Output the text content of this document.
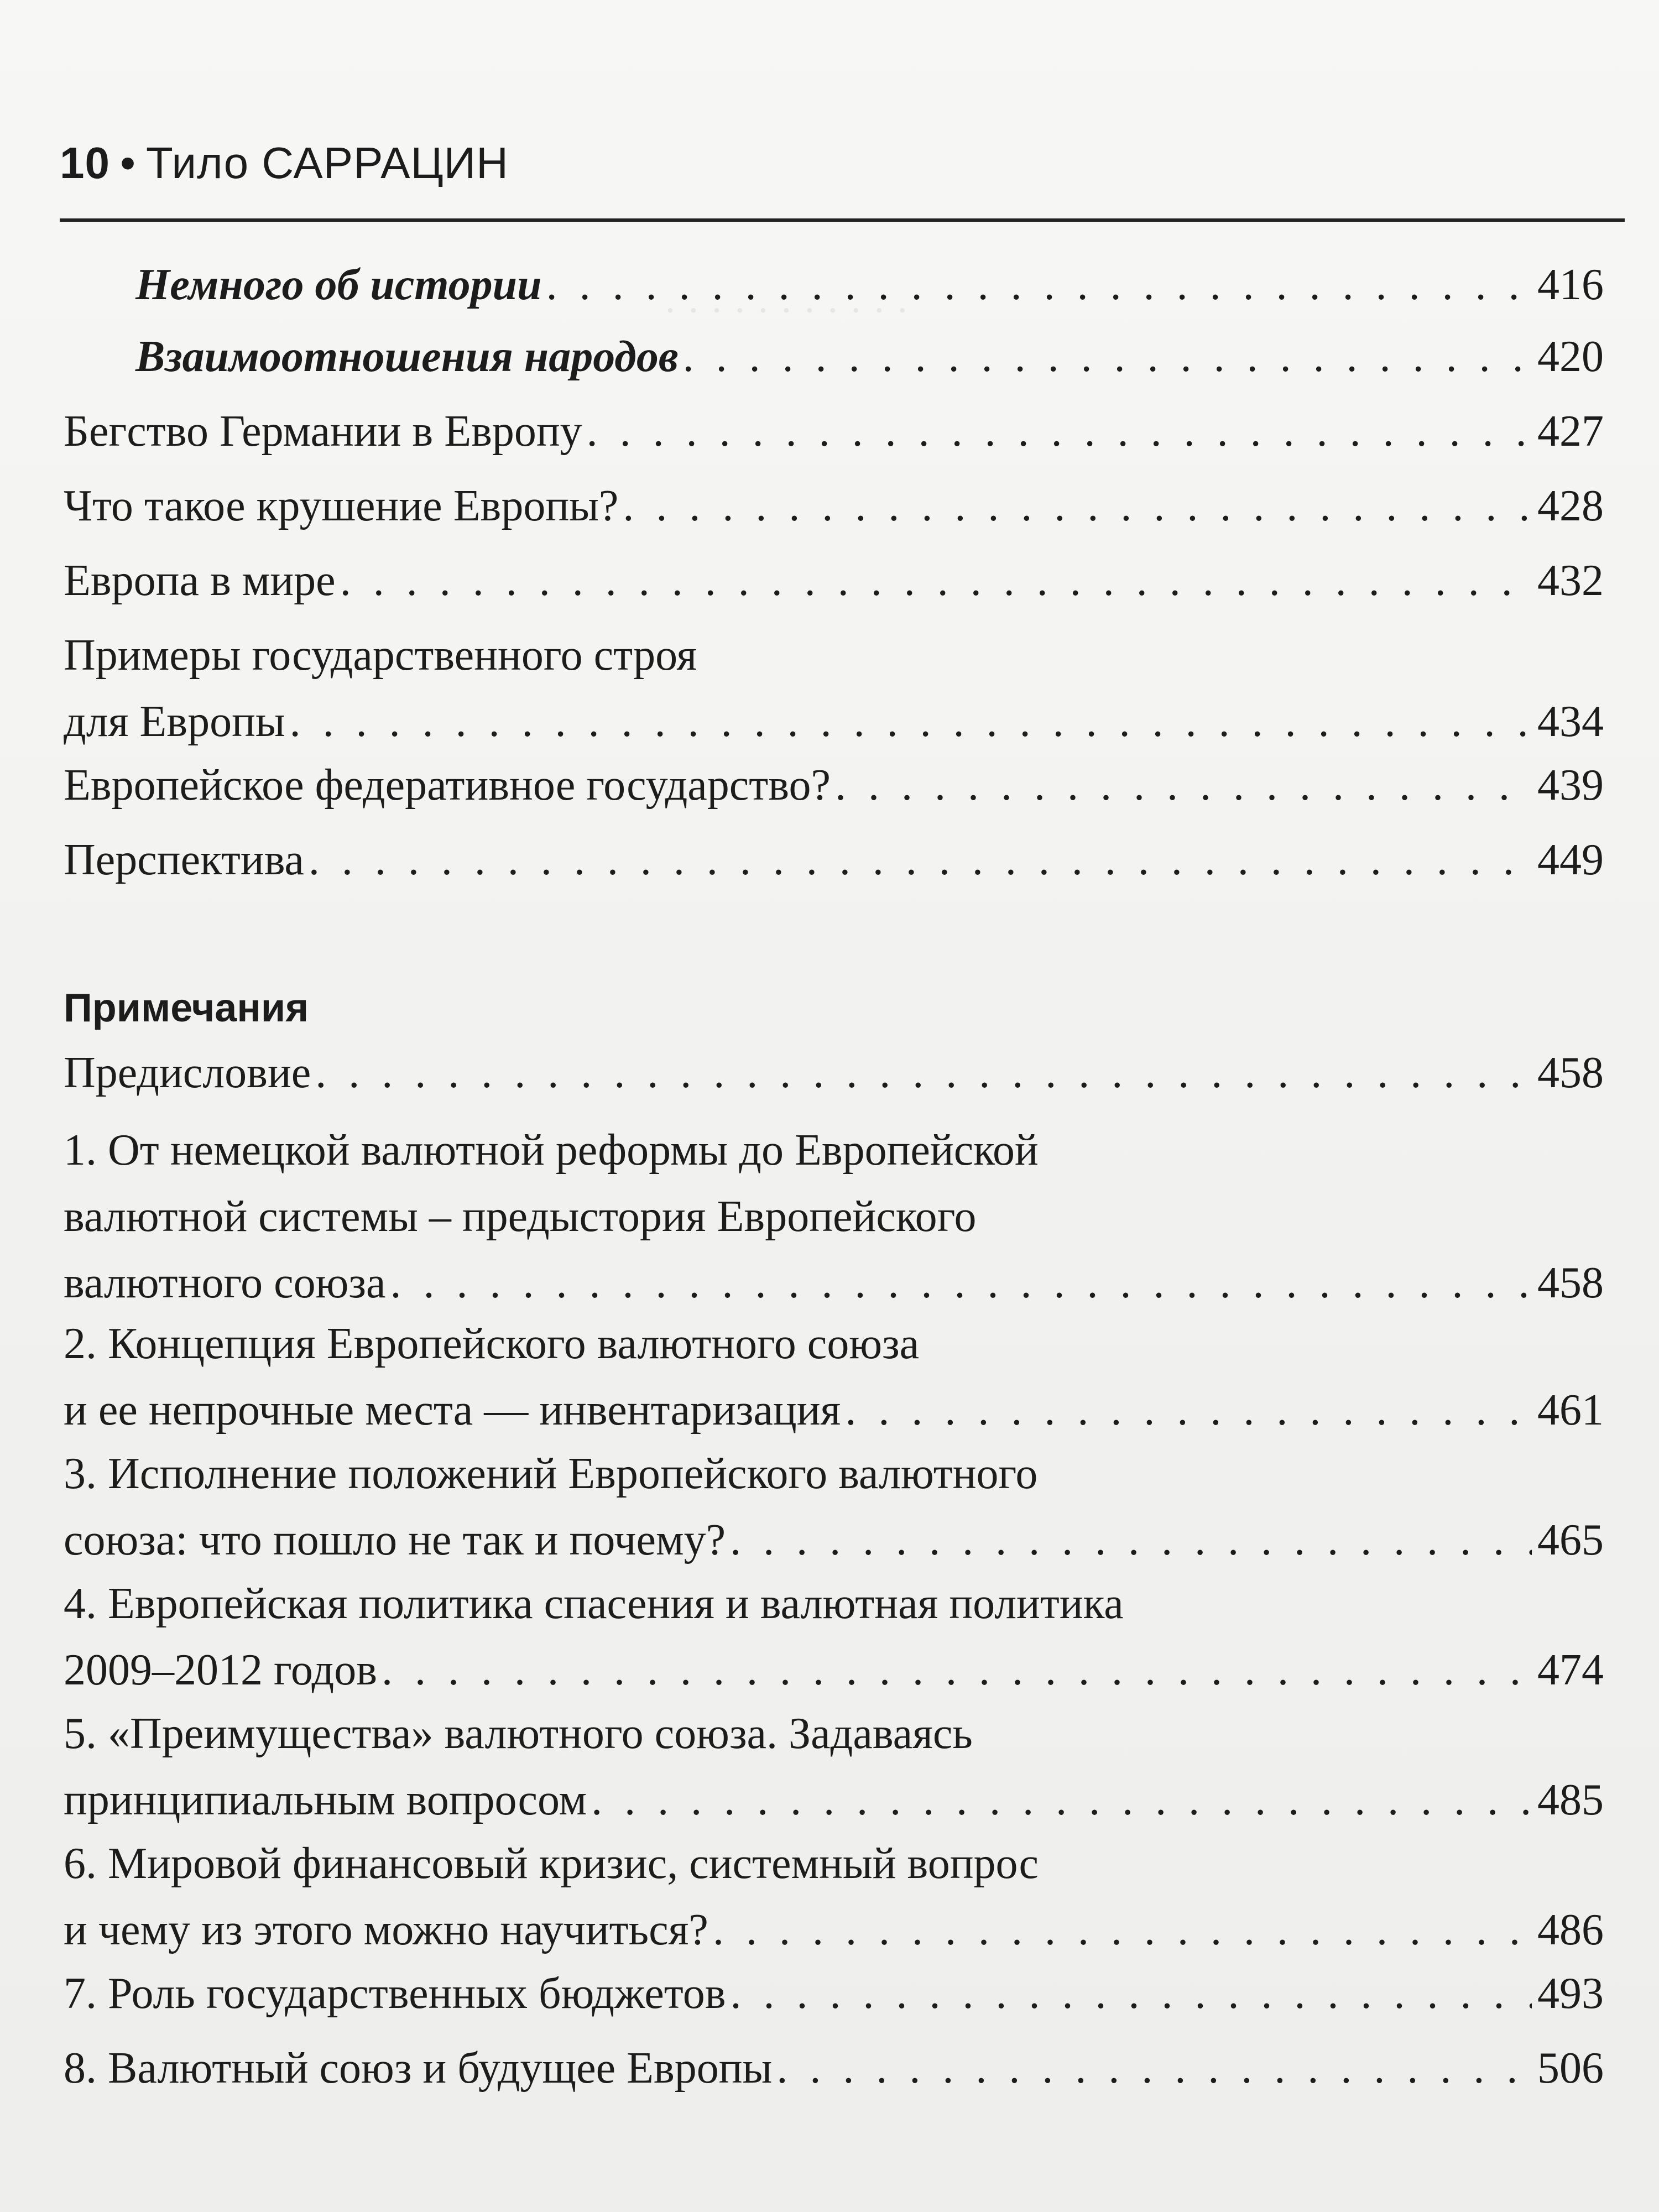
· · · · · · · · · · ·
10 • Тило САРРАЦИН
Немного об истории . . .	416
Взаимоотношения народов . . .	420
Бегство Германии в Европу . . .	427
Что такое крушение Европы? . . .	428
Европа в мире . . .	432
Примеры государственного строя
для Европы . . .	434
Европейское федеративное государство? . . .	439
Перспектива . . .	449
Примечания
Предисловие . . .	458
1. От немецкой валютной реформы до Европейской
валютной системы – предыстория Европейского
валютного союза . . .	458
2. Концепция Европейского валютного союза
и ее непрочные места — инвентаризация . . .	461
3. Исполнение положений Европейского валютного
союза: что пошло не так и почему? . . .	465
4. Европейская политика спасения и валютная политика
2009–2012 годов . . .	474
5. «Преимущества» валютного союза. Задаваясь
принципиальным вопросом . . .	485
6. Мировой финансовый кризис, системный вопрос
и чему из этого можно научиться? . . .	486
7. Роль государственных бюджетов . . .	493
8. Валютный союз и будущее Европы . . .	506
